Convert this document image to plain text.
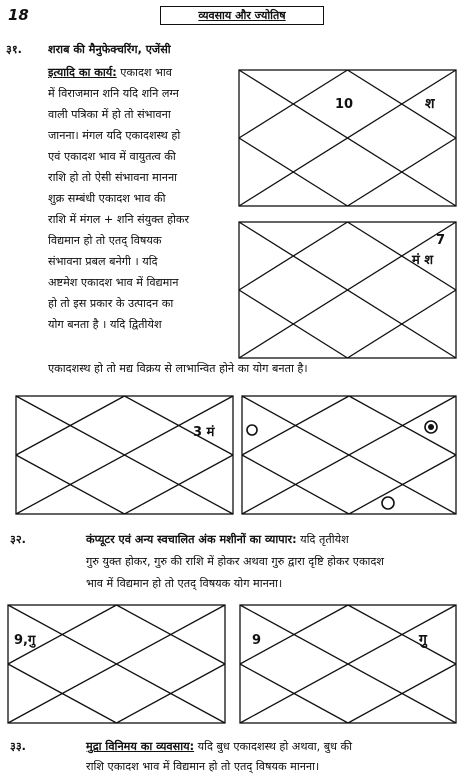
18	व्यवसाय और ज्योतिष
३१. शराब की मैनुफेक्चरिंग, एजेंसी
इत्यादि का कार्य: एकादश भाव
में विराजमान शनि यदि शनि लग्न
वाली पत्रिका में हो तो संभावना
जानना। मंगल यदि एकादशस्थ हो
एवं एकादश भाव में वायुतत्व की
राशि हो तो ऐसी संभावना मानना
शुक्र सम्बंधी एकादश भाव की
राशि में मंगल + शनि संयुक्त होकर
विद्यमान हो तो एतद् विषयक
संभावना प्रबल बनेगी । यदि
अष्टमेश एकादश भाव में विद्यमान
हो तो इस प्रकार के उत्पादन का
योग बनता है । यदि द्वितीयेश
एकादशस्थ हो तो मद्य विक्रय से लाभान्वित होने का योग बनता है।
10	श
7
मं श
3 मं
३२.	कंप्यूटर एवं अन्य स्वचालित अंक मशीनों का व्यापार: यदि तृतीयेश
गुरु युक्त होकर, गुरु की राशि में होकर अथवा गुरु द्वारा दृष्टि होकर एकादश
भाव में विद्यमान हो तो एतद् विषयक योग मानना।
9,गु	9	गु
३३.	मुद्रा विनिमय का व्यवसाय: यदि बुध एकादशस्थ हो अथवा, बुध की
राशि एकादश भाव में विद्यमान हो तो एतद् विषयक मानना।
